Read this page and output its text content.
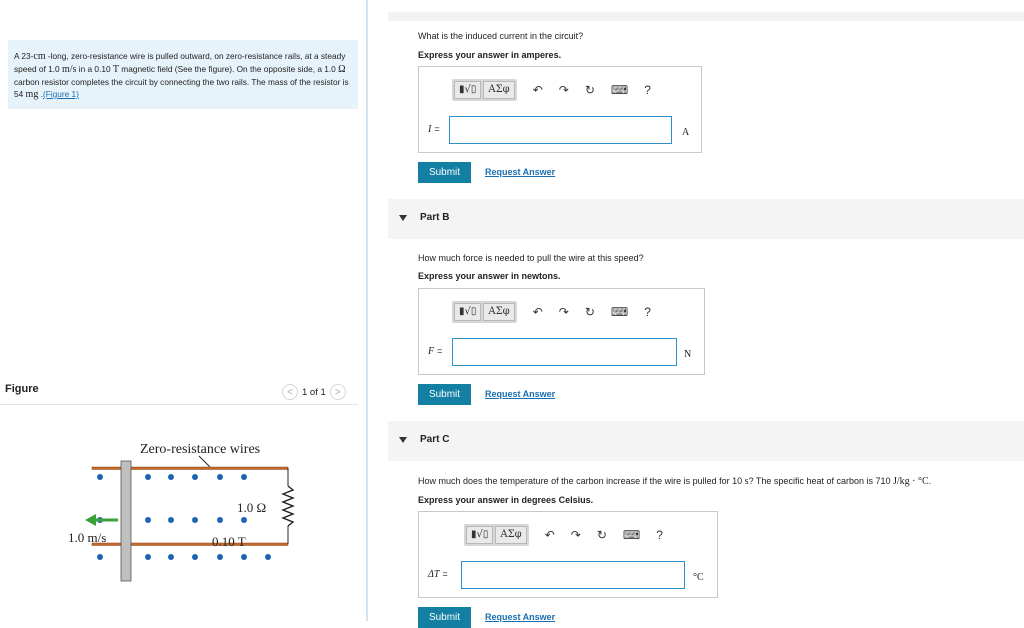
A 23-cm -long, zero-resistance wire is pulled outward, on zero-resistance rails, at a steady speed of 1.0 m/s in a 0.10 T magnetic field (See the figure). On the opposite side, a 1.0 Ω carbon resistor completes the circuit by connecting the two rails. The mass of the resistor is 54 mg .(Figure 1)
Figure	< 1 of 1 >
Zero-resistance wires
1.0 Ω
0.10 T
1.0 m/s
What is the induced current in the circuit?
Express your answer in amperes.
▮√▯	ΑΣφ	↶ ↷ ↻ ⌨ ?
I =	A
Submit	Request Answer
Part B
How much force is needed to pull the wire at this speed?
Express your answer in newtons.
▮√▯	ΑΣφ	↶ ↷ ↻ ⌨ ?
F =	N
Submit	Request Answer
Part C
How much does the temperature of the carbon increase if the wire is pulled for 10 s? The specific heat of carbon is 710 J/kg · °C.
Express your answer in degrees Celsius.
▮√▯	ΑΣφ	↶ ↷ ↻ ⌨ ?
ΔT =	°C
Submit	Request Answer
